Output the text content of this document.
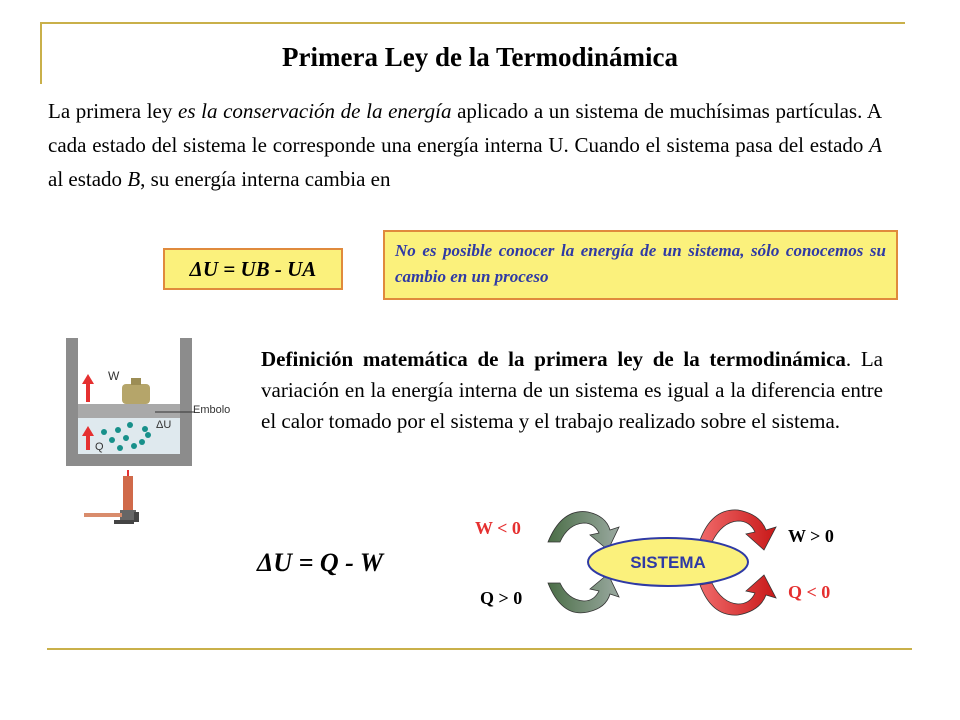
Primera Ley de la Termodinámica
La primera ley es la conservación de la energía aplicado a un sistema de muchísimas partículas. A cada estado del sistema le corresponde una energía interna U. Cuando el sistema pasa del estado A al estado B, su energía interna cambia en
ΔU = UB - UA
No es posible conocer la energía de un sistema, sólo conocemos su cambio en un proceso
Embolo
W
Q
ΔU
Definición matemática de la primera ley de la termodinámica. La variación en la energía interna de un sistema es igual a la diferencia entre el calor tomado por el sistema y el trabajo realizado sobre el sistema.
ΔU = Q - W	SISTEMA
W < 0
Q > 0
W > 0
Q < 0
